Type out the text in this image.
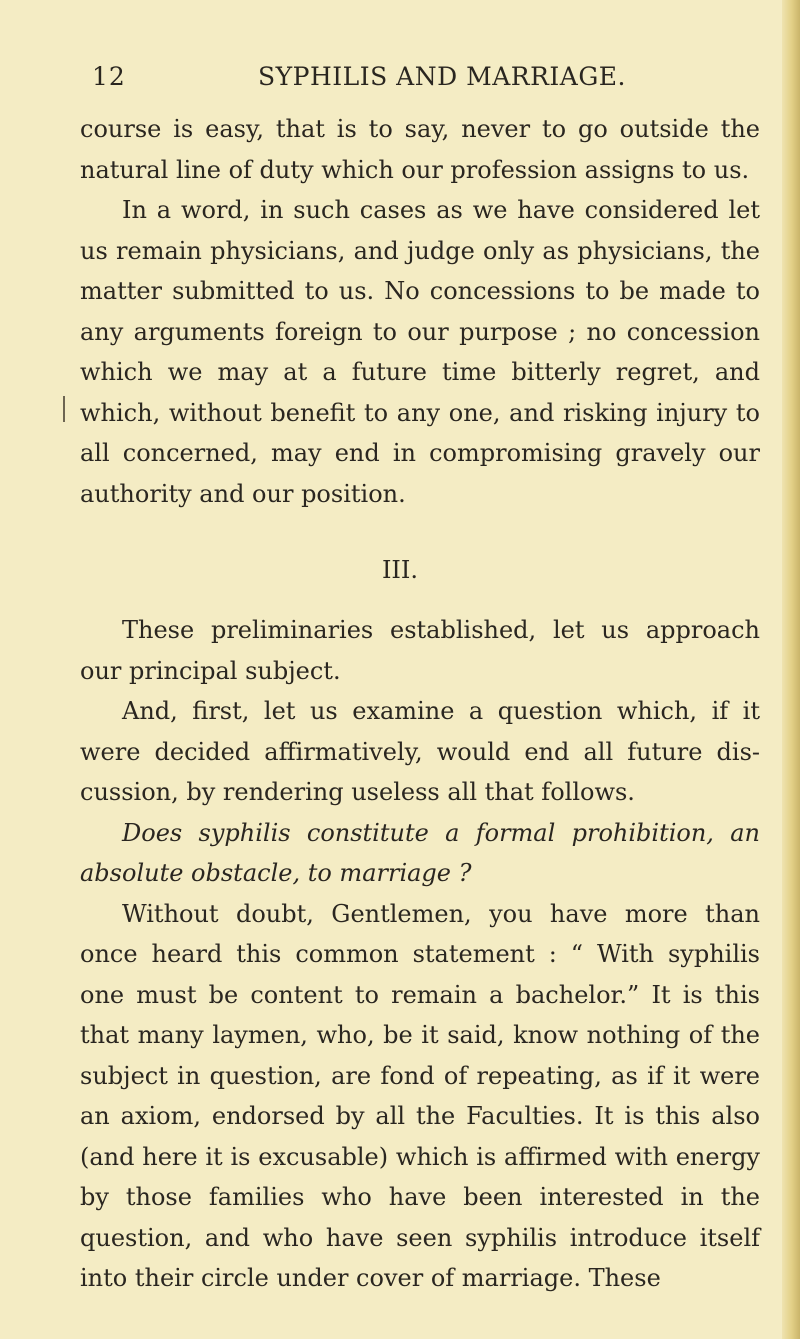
12	SYPHILIS AND MARRIAGE.

course is easy, that is to say, never to go outside the natural line of duty which our profession assigns to us.

In a word, in such cases as we have considered let us remain physicians, and judge only as physicians, the matter submitted to us. No concessions to be made to any arguments foreign to our purpose ; no concession which we may at a future time bitterly regret, and which, without benefit to any one, and risking injury to all concerned, may end in compromising gravely our authority and our position.

III.

These preliminaries established, let us approach our principal subject.

And, first, let us examine a question which, if it were decided affirmatively, would end all future dis- cussion, by rendering useless all that follows.

Does syphilis constitute a formal prohibition, an absolute obstacle, to marriage ?

Without doubt, Gentlemen, you have more than once heard this common statement : “ With syphilis one must be content to remain a bachelor.” It is this that many laymen, who, be it said, know nothing of the subject in question, are fond of repeating, as if it were an axiom, endorsed by all the Faculties. It is this also (and here it is excusable) which is affirmed with energy by those families who have been interested in the question, and who have seen syphilis introduce itself into their circle under cover of marriage. These
